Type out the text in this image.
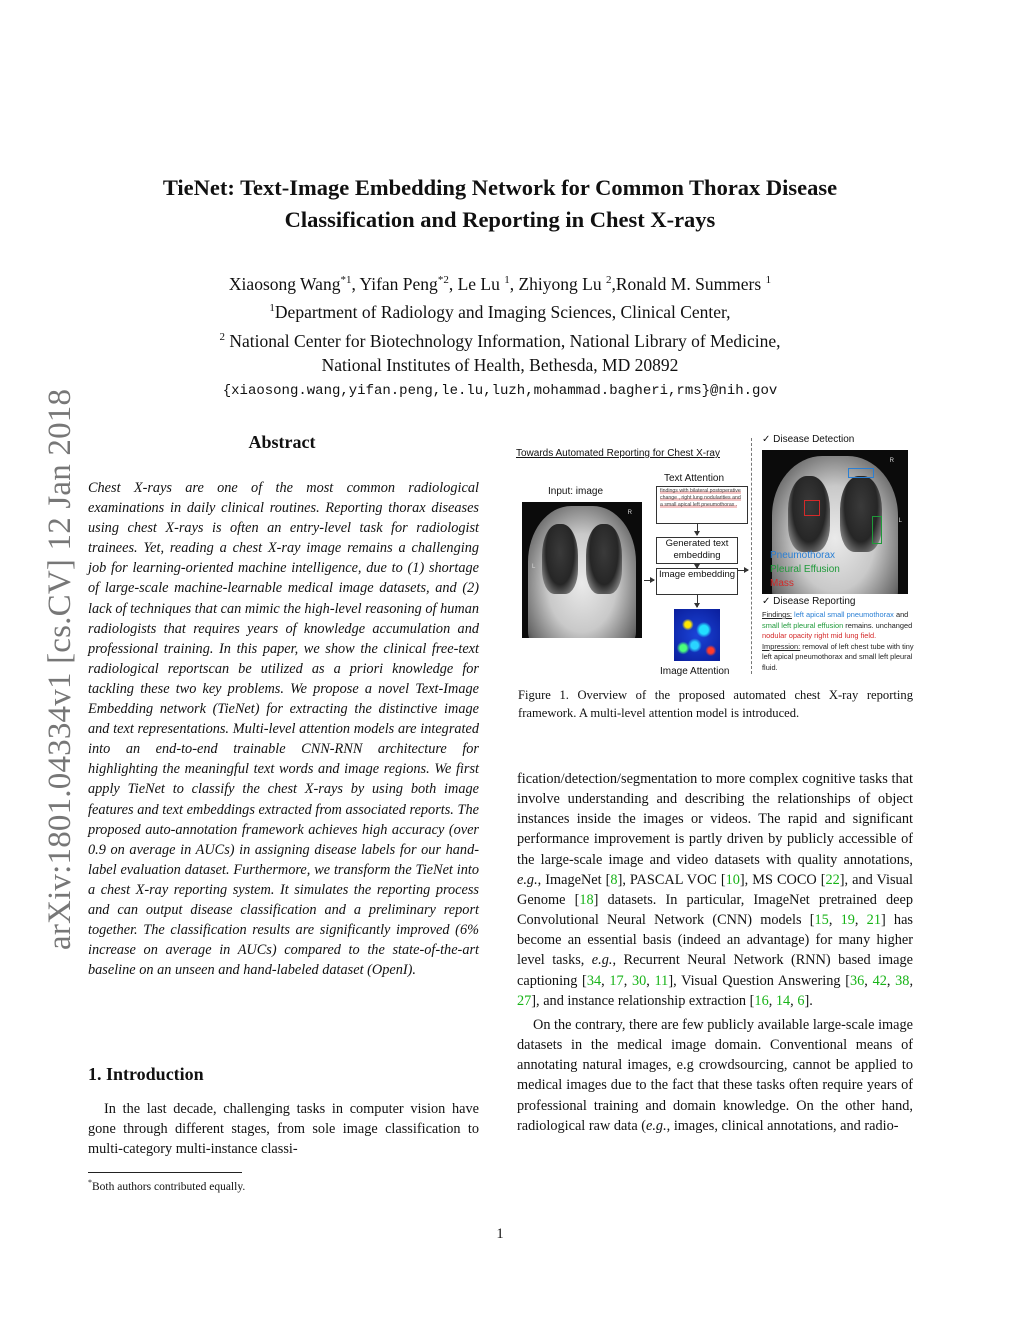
arXiv:1801.04334v1 [cs.CV] 12 Jan 2018
TieNet: Text-Image Embedding Network for Common Thorax Disease
Classification and Reporting in Chest X-rays
Xiaosong Wang$^{*1}$, Yifan Peng$^{*2}$, Le Lu $^1$, Zhiyong Lu $^2$,Ronald M. Summers $^1$
$^1$Department of Radiology and Imaging Sciences, Clinical Center,
$^2$ National Center for Biotechnology Information, National Library of Medicine,
National Institutes of Health, Bethesda, MD 20892
{xiaosong.wang,yifan.peng,le.lu,luzh,mohammad.bagheri,rms}@nih.gov
Abstract
Chest X-rays are one of the most common radiological examinations in daily clinical routines. Reporting thorax diseases using chest X-rays is often an entry-level task for radiologist trainees. Yet, reading a chest X-ray image remains a challenging job for learning-oriented machine intelligence, due to (1) shortage of large-scale machine-learnable medical image datasets, and (2) lack of techniques that can mimic the high-level reasoning of human radiologists that requires years of knowledge accumulation and professional training. In this paper, we show the clinical free-text radiological reportscan be utilized as a priori knowledge for tackling these two key problems. We propose a novel Text-Image Embedding network (TieNet) for extracting the distinctive image and text representations. Multi-level attention models are integrated into an end-to-end trainable CNN-RNN architecture for highlighting the meaningful text words and image regions. We first apply TieNet to classify the chest X-rays by using both image features and text embeddings extracted from associated reports. The proposed auto-annotation framework achieves high accuracy (over 0.9 on average in AUCs) in assigning disease labels for our hand-label evaluation dataset. Furthermore, we transform the TieNet into a chest X-ray reporting system. It simulates the reporting process and can output disease classification and a preliminary report together. The classification results are significantly improved (6% increase on average in AUCs) compared to the state-of-the-art baseline on an unseen and hand-labeled dataset (OpenI).
1. Introduction
In the last decade, challenging tasks in computer vision have gone through different stages, from sole image classification to multi-category multi-instance classi-
*Both authors contributed equally.
1
Towards Automated Reporting for Chest X-ray
Input: image
R
L
Text Attention
findings with bilateral postoperative change , right lung nodularities and a small apical left pneumothorax .
Generated text embedding
Image embedding
Image Attention
✓ Disease Detection
Pneumothorax
Pleural Effusion
Mass
R
L
✓ Disease Reporting
Findings: left apical small pneumothorax and small left pleural effusion remains. unchanged nodular opacity right mid lung field.
Impression: removal of left chest tube with tiny left apical pneumothorax and small left pleural fluid.
Figure 1. Overview of the proposed automated chest X-ray reporting framework. A multi-level attention model is introduced.

fication/detection/segmentation to more complex cognitive tasks that involve understanding and describing the relationships of object instances inside the images or videos. The rapid and significant performance improvement is partly driven by publicly accessible of the large-scale image and video datasets with quality annotations, e.g., ImageNet [8], PASCAL VOC [10], MS COCO [22], and Visual Genome [18] datasets. In particular, ImageNet pretrained deep Convolutional Neural Network (CNN) models [15, 19, 21] has become an essential basis (indeed an advantage) for many higher level tasks, e.g., Recurrent Neural Network (RNN) based image captioning [34, 17, 30, 11], Visual Question Answering [36, 42, 38, 27], and instance relationship extraction [16, 14, 6].

On the contrary, there are few publicly available large-scale image datasets in the medical image domain. Conventional means of annotating natural images, e.g crowdsourcing, cannot be applied to medical images due to the fact that these tasks often require years of professional training and domain knowledge. On the other hand, radiological raw data (e.g., images, clinical annotations, and radio-
